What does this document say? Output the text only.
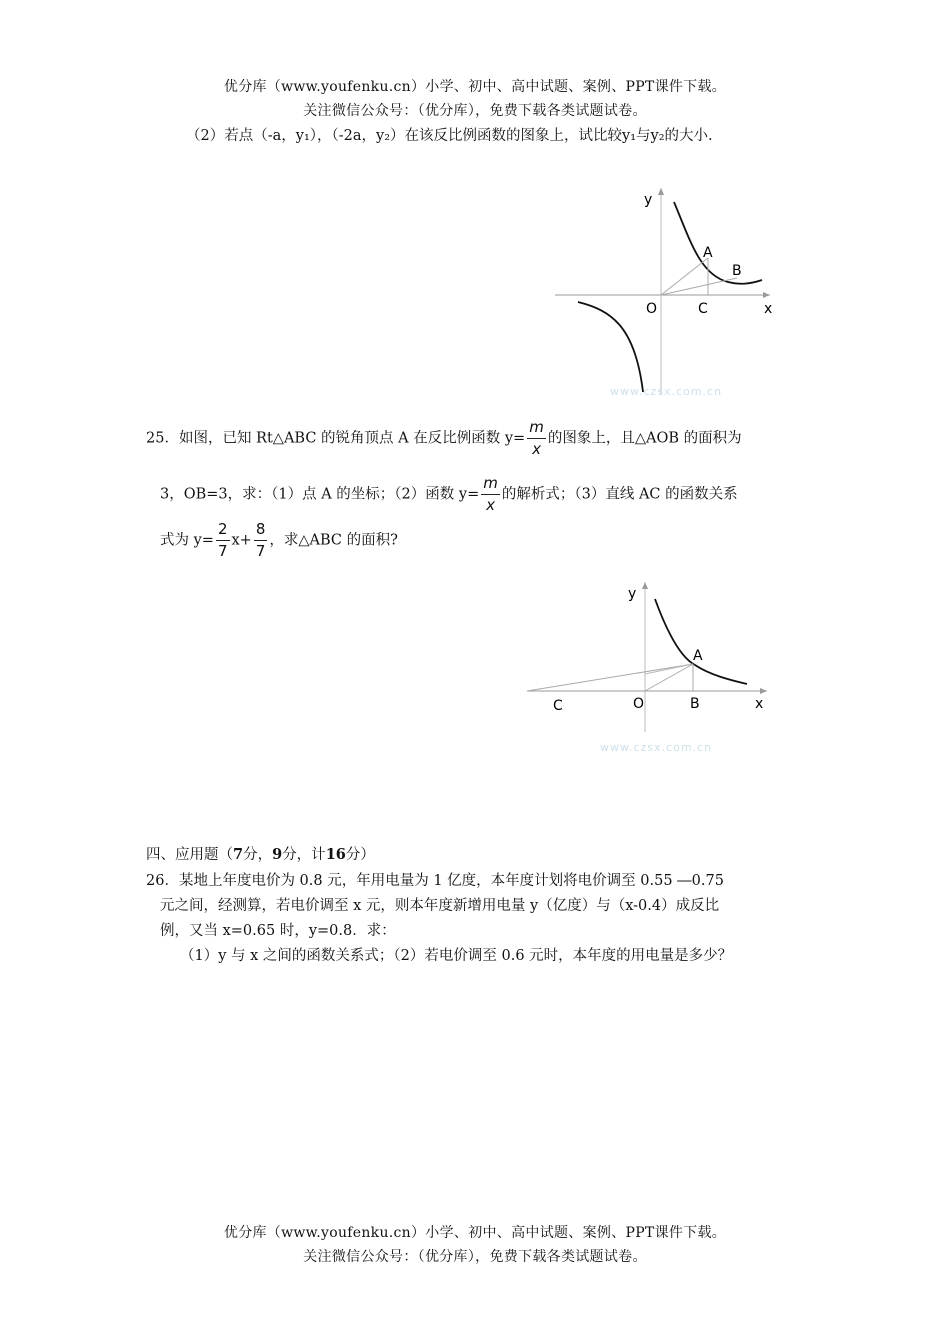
优分库（www.youfenku.cn）小学、初中、高中试题、案例、PPT课件下载。
关注微信公众号：（优分库），免费下载各类试题试卷。
（2）若点（-a，y₁），（-2a，y₂）在该反比例函数的图象上，试比较y₁与y₂的大小.
y
A
B
O	C	x
www.czsx.com.cn
25．如图，已知 Rt△ABC 的锐角顶点 A 在反比例函数 $y= \frac{m}{x}$ 的图象上，且△AOB 的面积为
3，OB=3，求：（1）点 A 的坐标；（2）函数 $y= \frac{m}{x}$ 的解析式；（3）直线 AC 的函数关系
式为 $y= \frac{2}{7} x+ \frac{8}{7}$ ，求△ABC 的面积?
y
A
C	O	B	x
www.czsx.com.cn
四、应用题（7分，9分，计16分）
26．某地上年度电价为 0.8 元，年用电量为 1 亿度，本年度计划将电价调至 0.55 ―0.75
元之间，经测算，若电价调至 x 元，则本年度新增用电量 y（亿度）与（x-0.4）成反比
例，又当 x=0.65 时，y=0.8．求：
（1）y 与 x 之间的函数关系式；（2）若电价调至 0.6 元时，本年度的用电量是多少？
优分库（www.youfenku.cn）小学、初中、高中试题、案例、PPT课件下载。
关注微信公众号：（优分库），免费下载各类试题试卷。
